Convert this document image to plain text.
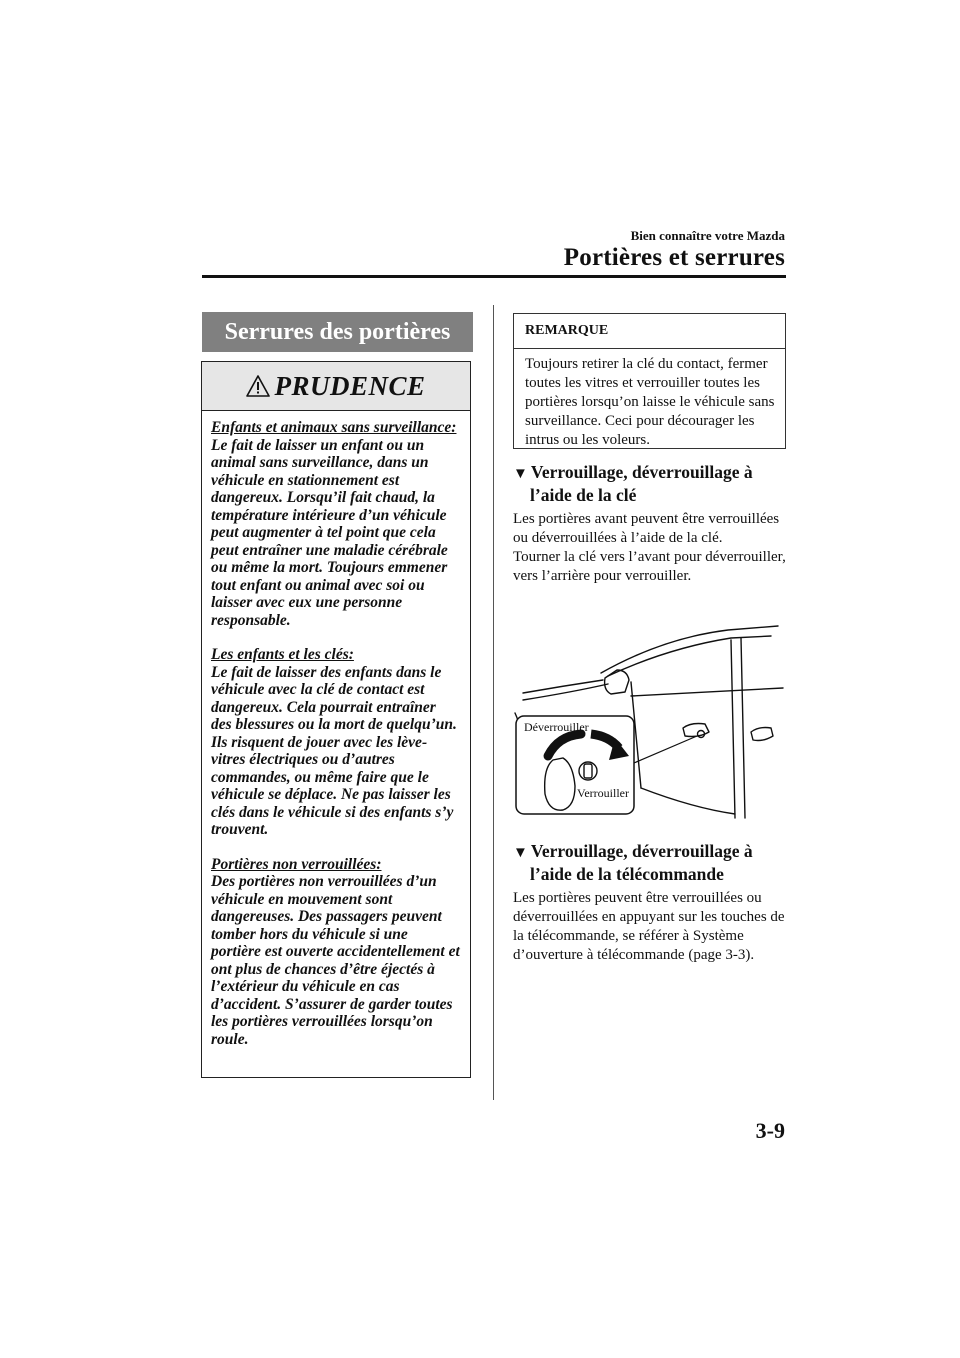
Bien connaître votre Mazda
Portières et serrures
Serrures des portières
PRUDENCE

Enfants et animaux sans surveillance:
Le fait de laisser un enfant ou un animal sans surveillance, dans un véhicule en stationnement est dangereux. Lorsqu’il fait chaud, la température intérieure d’un véhicule peut augmenter à tel point que cela peut entraîner une maladie cérébrale ou même la mort. Toujours emmener tout enfant ou animal avec soi ou laisser avec eux une personne responsable.

Les enfants et les clés:
Le fait de laisser des enfants dans le véhicule avec la clé de contact est dangereux. Cela pourrait entraîner des blessures ou la mort de quelqu’un. Ils risquent de jouer avec les lève-vitres électriques ou d’autres commandes, ou même faire que le véhicule se déplace. Ne pas laisser les clés dans le véhicule si des enfants s’y trouvent.

Portières non verrouillées:
Des portières non verrouillées d’un véhicule en mouvement sont dangereuses. Des passagers peuvent tomber hors du véhicule si une portière est ouverte accidentellement et ont plus de chances d’être éjectés à l’extérieur du véhicule en cas d’accident. S’assurer de garder toutes les portières verrouillées lorsqu’on roule.

REMARQUE
Toujours retirer la clé du contact, fermer toutes les vitres et verrouiller toutes les portières lorsqu’on laisse le véhicule sans surveillance. Ceci pour décourager les intrus ou les voleurs.
▼ Verrouillage, déverrouillage à
l’aide de la clé
Les portières avant peuvent être verrouillées ou déverrouillées à l’aide de la clé.
Tourner la clé vers l’avant pour déverrouiller, vers l’arrière pour verrouiller.
Déverrouiller
Verrouiller
▼ Verrouillage, déverrouillage à
l’aide de la télécommande
Les portières peuvent être verrouillées ou déverrouillées en appuyant sur les touches de la télécommande, se référer à Système d’ouverture à télécommande (page 3-3).
3-9
